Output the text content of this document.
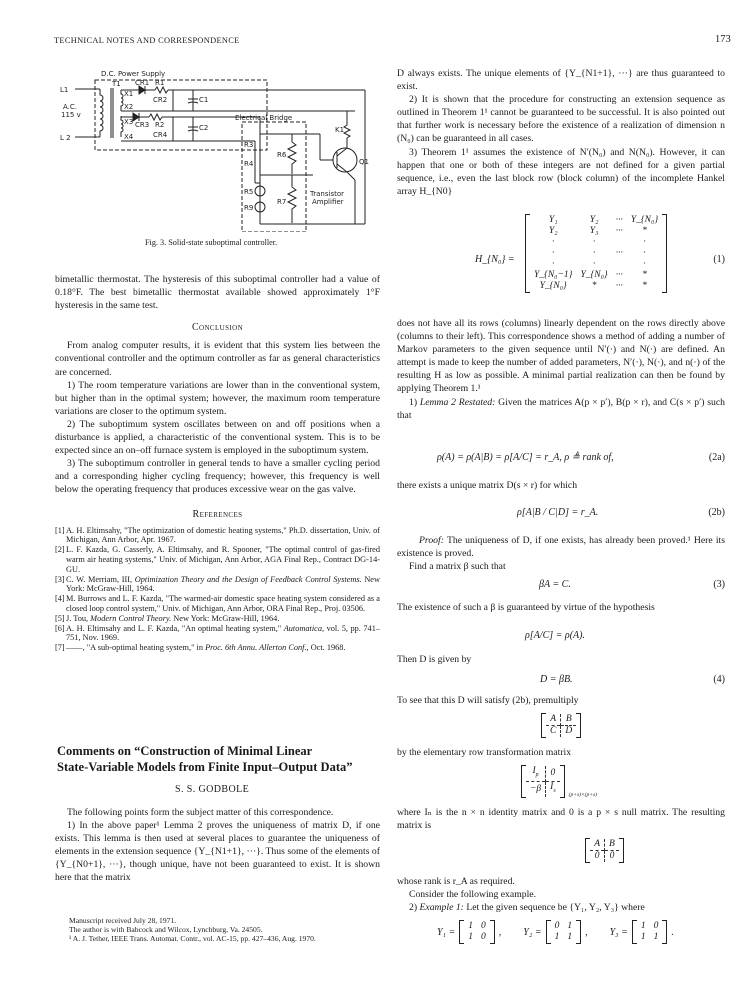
TECHNICAL NOTES AND CORRESPONDENCE	173
D.C. Power Supply
Electrical Bridge
Transistor
Amplifier
A.C.
115 v
L1
L 2
T1
X1
X2
X3
X4
CR1 R1
CR2	C1
CR3 R2
CR4
C2
R3
R4
R5
R9
R6
R7
K1
Q1
Fig. 3. Solid-state suboptimal controller.

bimetallic thermostat. The hysteresis of this suboptimal controller had a value of 0.18°F. The best bimetallic thermostat available showed approximately 1°F hysteresis in the same test.

Conclusion

From analog computer results, it is evident that this system lies between the conventional controller and the optimum controller as far as general characteristics are concerned.

1) The room temperature variations are lower than in the conventional system, but higher than in the optimal system; however, the maximum room temperature variations are closer to the optimum system.

2) The suboptimum system oscillates between on and off positions when a disturbance is applied, a characteristic of the conventional system. This is to be expected since an on–off furnace system is employed in the suboptimum system.

3) The suboptimum controller in general tends to have a smaller cycling period and a corresponding higher cycling frequency; however, this frequency is well below the operating frequency that produces excessive wear on the gas valve.

References

[1] A. H. Eltimsahy, "The optimization of domestic heating systems," Ph.D. dissertation, Univ. of Michigan, Ann Arbor, Apr. 1967.
[2] L. F. Kazda, G. Casserly, A. Eltimsahy, and R. Spooner, "The optimal control of gas-fired warm air heating systems," Univ. of Michigan, Ann Arbor, AGA Final Rep., Contract DG-14-GU.
[3] C. W. Merriam, III, Optimization Theory and the Design of Feedback Control Systems. New York: McGraw-Hill, 1964.
[4] M. Burrows and L. F. Kazda, "The warmed-air domestic space heating system considered as a closed loop control system," Univ. of Michigan, Ann Arbor, ORA Final Rep., Proj. 03506.
[5] J. Tou, Modern Control Theory. New York: McGraw-Hill, 1964.
[6] A. H. Eltimsahy and L. F. Kazda, "An optimal heating system," Automatica, vol. 5, pp. 741–751, Nov. 1969.
[7] ——, "A sub-optimal heating system," in Proc. 6th Annu. Allerton Conf., Oct. 1968.
Comments on “Construction of Minimal Linear
State-Variable Models from Finite Input–Output Data”
S. S. GODBOLE

The following points form the subject matter of this correspondence.

1) In the above paper¹ Lemma 2 proves the uniqueness of matrix D, if one exists. This lemma is then used at several places to guarantee the uniqueness of elements in the extension sequence {Y_{N1+1}, ···}. Thus some of the elements of {Y_{N0+1}, ···}, though unique, have not been guaranteed to exist. It is shown here that the matrix

Manuscript received July 28, 1971.
The author is with Babcock and Wilcox, Lynchburg, Va. 24505.
¹ A. J. Tether, IEEE Trans. Automat. Contr., vol. AC-15, pp. 427–436, Aug. 1970.

D always exists. The unique elements of {Y_{N1+1}, ···} are thus guaranteed to exist.

2) It is shown that the procedure for constructing an extension sequence as outlined in Theorem 1¹ cannot be guaranteed to be successful. It is also pointed out that further work is necessary before the existence of a realization of dimension n (N₀) can be guaranteed in all cases.

3) Theorem 1¹ assumes the existence of N′(N₀) and N(N₀). However, it can happen that one or both of these integers are not defined for a given partial sequence, i.e., even the last block row (block column) of the incomplete Hankel array H_{N0}

H_{N₀} =
Y₁	Y₂	···	Y_{N₀}
Y₂	Y₃	···	*
·	·		·
·	·	···	·
·	·		·
Y_{N₀−1}	Y_{N₀}	···	*
Y_{N₀}	*	···	*
(1)

does not have all its rows (columns) linearly dependent on the rows directly above (columns to their left). This correspondence shows a method of adding a number of Markov parameters to the given sequence until N′(·) and N(·) are defined. An attempt is made to keep the number of added parameters, N′(·), N(·), and n(·) of the resulting H as low as possible. A minimal partial realization can then be found by applying Theorem 1.¹

1) Lemma 2 Restated: Given the matrices A(p × p′), B(p × r), and C(s × p′) such that

ρ(A) = ρ(A|B) = ρ[A/C] = r_A, ρ ≜ rank of,	(2a)

there exists a unique matrix D(s × r) for which

ρ[A|B / C|D] = r_A.	(2b)

Proof: The uniqueness of D, if one exists, has already been proved.¹ Here its existence is proved.

Find a matrix β such that

βA = C.	(3)

The existence of such a β is guaranteed by virtue of the hypothesis

ρ[A/C] = ρ(A).

Then D is given by

D = βB.	(4)

To see that this D will satisfy (2b), premultiply

A	B
C	D

by the elementary row transformation matrix

$I_p$	0
−β	$I_s$
(p+s)×(p+s)

where Iₙ is the n × n identity matrix and 0 is a p × s null matrix. The resulting matrix is

A	B
0	0

whose rank is r_A as required.

Consider the following example.

2) Example 1: Let the given sequence be {Y₁, Y₂, Y₃} where

Y₁ =
1	0
1	0 , Y₂ =
0	1
1	1 , Y₃ =
1	0
1	1 .
